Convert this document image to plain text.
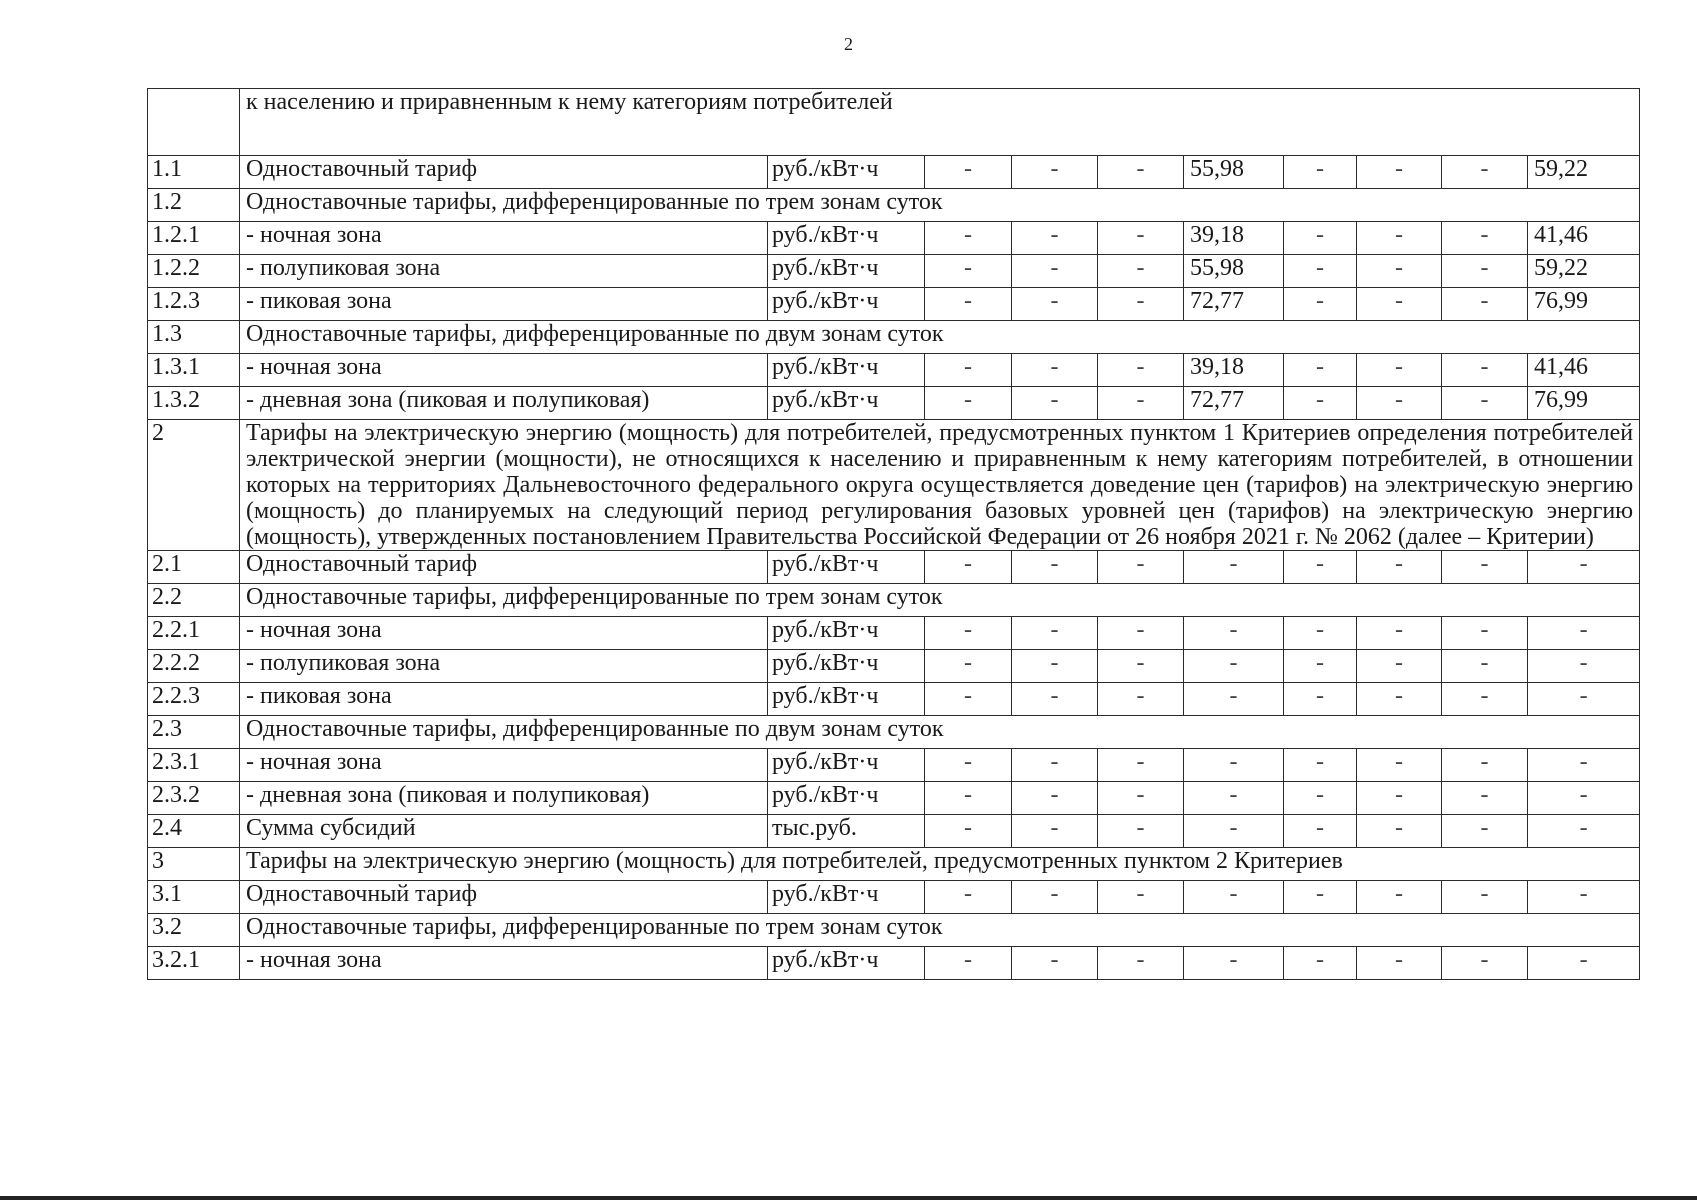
2
	к населению и приравненным к нему категориям потребителей									
1.1	Одноставочный тариф	руб./кВт·ч	-	-	-	55,98	-	-	-	59,22
1.2	Одноставочные тарифы, дифференцированные по трем зонам суток									
1.2.1	- ночная зона	руб./кВт·ч	-	-	-	39,18	-	-	-	41,46
1.2.2	- полупиковая зона	руб./кВт·ч	-	-	-	55,98	-	-	-	59,22
1.2.3	- пиковая зона	руб./кВт·ч	-	-	-	72,77	-	-	-	76,99
1.3	Одноставочные тарифы, дифференцированные по двум зонам суток									
1.3.1	- ночная зона	руб./кВт·ч	-	-	-	39,18	-	-	-	41,46
1.3.2	- дневная зона (пиковая и полупиковая)	руб./кВт·ч	-	-	-	72,77	-	-	-	76,99
2	Тарифы на электрическую энергию (мощность) для потребителей, предусмотренных пунктом 1 Критериев определения потребителей электрической энергии (мощности), не относящихся к населению и приравненным к нему категориям потребителей, в отношении которых на территориях Дальневосточного федерального округа осуществляется доведение цен (тарифов) на электрическую энергию (мощность) до планируемых на следующий период регулирования базовых уровней цен (тарифов) на электрическую энергию (мощность), утвержденных постановлением Правительства Российской Федерации от 26 ноября 2021 г. № 2062 (далее – Критерии)									
2.1	Одноставочный тариф	руб./кВт·ч	-	-	-	-	-	-	-	-
2.2	Одноставочные тарифы, дифференцированные по трем зонам суток									
2.2.1	- ночная зона	руб./кВт·ч	-	-	-	-	-	-	-	-
2.2.2	- полупиковая зона	руб./кВт·ч	-	-	-	-	-	-	-	-
2.2.3	- пиковая зона	руб./кВт·ч	-	-	-	-	-	-	-	-
2.3	Одноставочные тарифы, дифференцированные по двум зонам суток									
2.3.1	- ночная зона	руб./кВт·ч	-	-	-	-	-	-	-	-
2.3.2	- дневная зона (пиковая и полупиковая)	руб./кВт·ч	-	-	-	-	-	-	-	-
2.4	Сумма субсидий	тыс.руб.	-	-	-	-	-	-	-	-
3	Тарифы на электрическую энергию (мощность) для потребителей, предусмотренных пунктом 2 Критериев									
3.1	Одноставочный тариф	руб./кВт·ч	-	-	-	-	-	-	-	-
3.2	Одноставочные тарифы, дифференцированные по трем зонам суток									
3.2.1	- ночная зона	руб./кВт·ч	-	-	-	-	-	-	-	-
